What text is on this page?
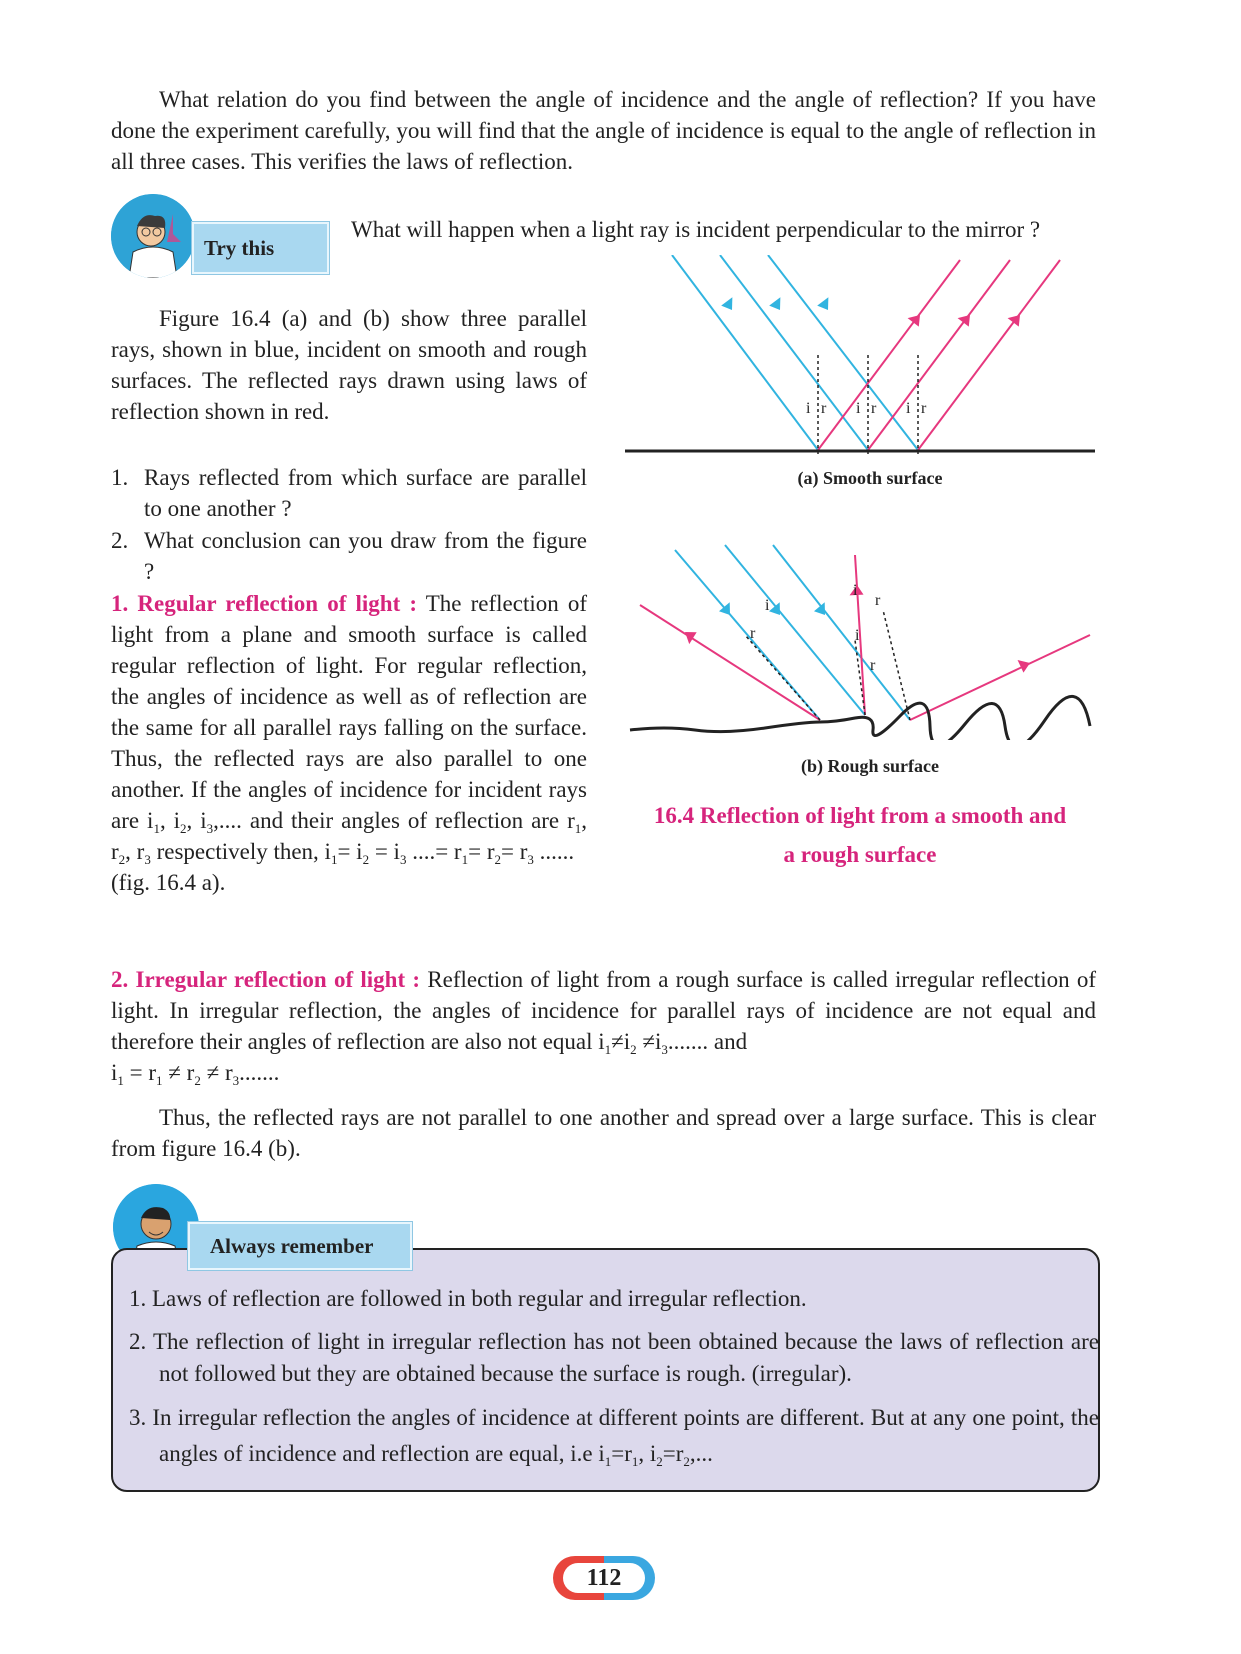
What relation do you find between the angle of incidence and the angle of reflection? If you have done the experiment carefully, you will find that the angle of incidence is equal to the angle of reflection in all three cases. This verifies the laws of reflection.

Try this

What will happen when a light ray is incident perpendicular to the mirror ?

Figure 16.4 (a) and (b) show three parallel rays, shown in blue, incident on smooth and rough surfaces. The reflected rays drawn using laws of reflection shown in red.

1. Rays reflected from which surface are parallel to one another ?
2. What conclusion can you draw from the figure ?

1. Regular reflection of light : The reflection of light from a plane and smooth surface is called regular reflection of light. For regular reflection, the angles of incidence as well as of reflection are the same for all parallel rays falling on the surface. Thus, the reflected rays are also parallel to one another. If the angles of incidence for incident rays are $i_1$, $i_2$, $i_3$,.... and their angles of reflection are $r_1$, $r_2$, $r_3$ respectively then, $i_1= i_2 = i_3$ ....= $r_1= r_2= r_3$ ......
(fig. 16.4 a).

i r i r i r
(a) Smooth surface
i
r	i
r
i
r
(b) Rough surface
16.4 Reflection of light from a smooth and
a rough surface

2. Irregular reflection of light : Reflection of light from a rough surface is called irregular reflection of light. In irregular reflection, the angles of incidence for parallel rays of incidence are not equal and therefore their angles of reflection are also not equal $i_1\ne i_2 \ne i_3$....... and
$i_1 = r_1 \ne r_2 \ne r_3$.......

Thus, the reflected rays are not parallel to one another and spread over a large surface. This is clear from figure 16.4 (b).

1. Laws of reflection are followed in both regular and irregular reflection.
2. The reflection of light in irregular reflection has not been obtained because the laws of reflection are not followed but they are obtained because the surface is rough. (irregular).
3. In irregular reflection the angles of incidence at different points are different. But at any one point, the angles of incidence and reflection are equal, i.e $i_1=r_1$, $i_2=r_2$,...
Always remember
112
